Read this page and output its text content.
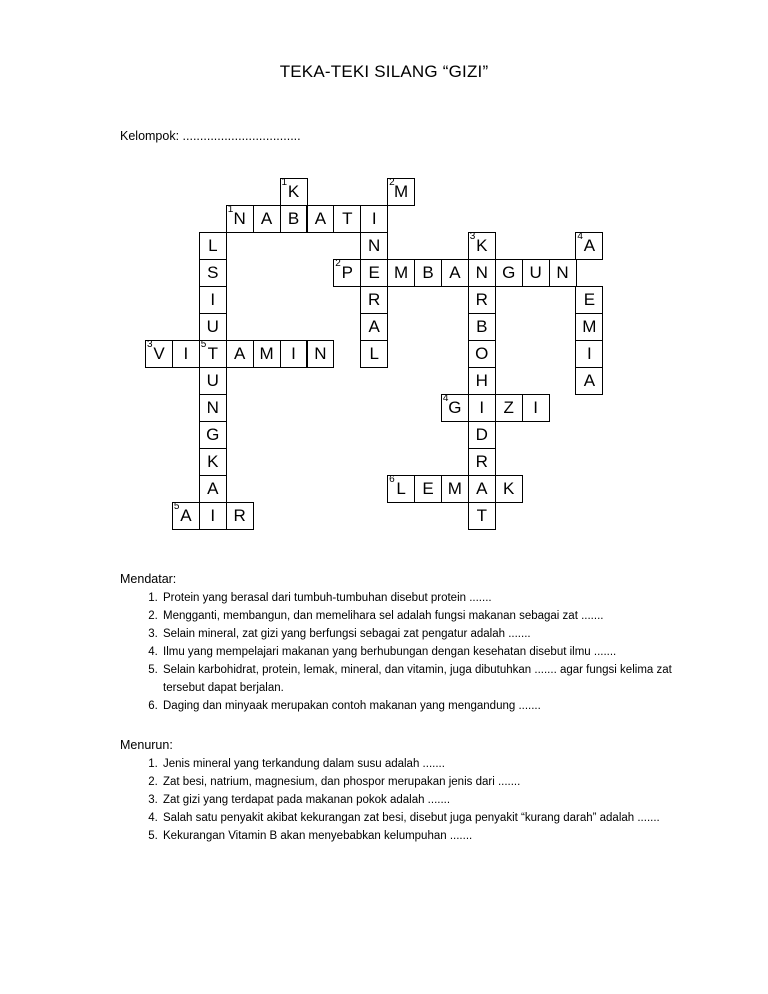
TEKA-TEKI SILANG “GIZI”
Kelompok: ..................................
1 K	2 M
1 N A B A T	I
L	N	3 K	4 A
S	2 P E M B A N G U N
I	R	R	E
U	A	B	M
3 V	I	5 T A M	I	N	L	O	I
U	H	A
N	4 G	I	Z	I
G	D
K	R
A	6 L E M A K
5 A	I	R	T
Mendatar:
1. Protein yang berasal dari tumbuh-tumbuhan disebut protein .......
2. Mengganti, membangun, dan memelihara sel adalah fungsi makanan sebagai zat .......
3. Selain mineral, zat gizi yang berfungsi sebagai zat pengatur adalah .......
4. Ilmu yang mempelajari makanan yang berhubungan dengan kesehatan disebut ilmu .......
5. Selain karbohidrat, protein, lemak, mineral, dan vitamin, juga dibutuhkan ....... agar fungsi kelima zat tersebut dapat berjalan.
6. Daging dan minyaak merupakan contoh makanan yang mengandung .......
Menurun:
1. Jenis mineral yang terkandung dalam susu adalah .......
2. Zat besi, natrium, magnesium, dan phospor merupakan jenis dari .......
3. Zat gizi yang terdapat pada makanan pokok adalah .......
4. Salah satu penyakit akibat kekurangan zat besi, disebut juga penyakit “kurang darah” adalah .......
5. Kekurangan Vitamin B akan menyebabkan kelumpuhan .......
